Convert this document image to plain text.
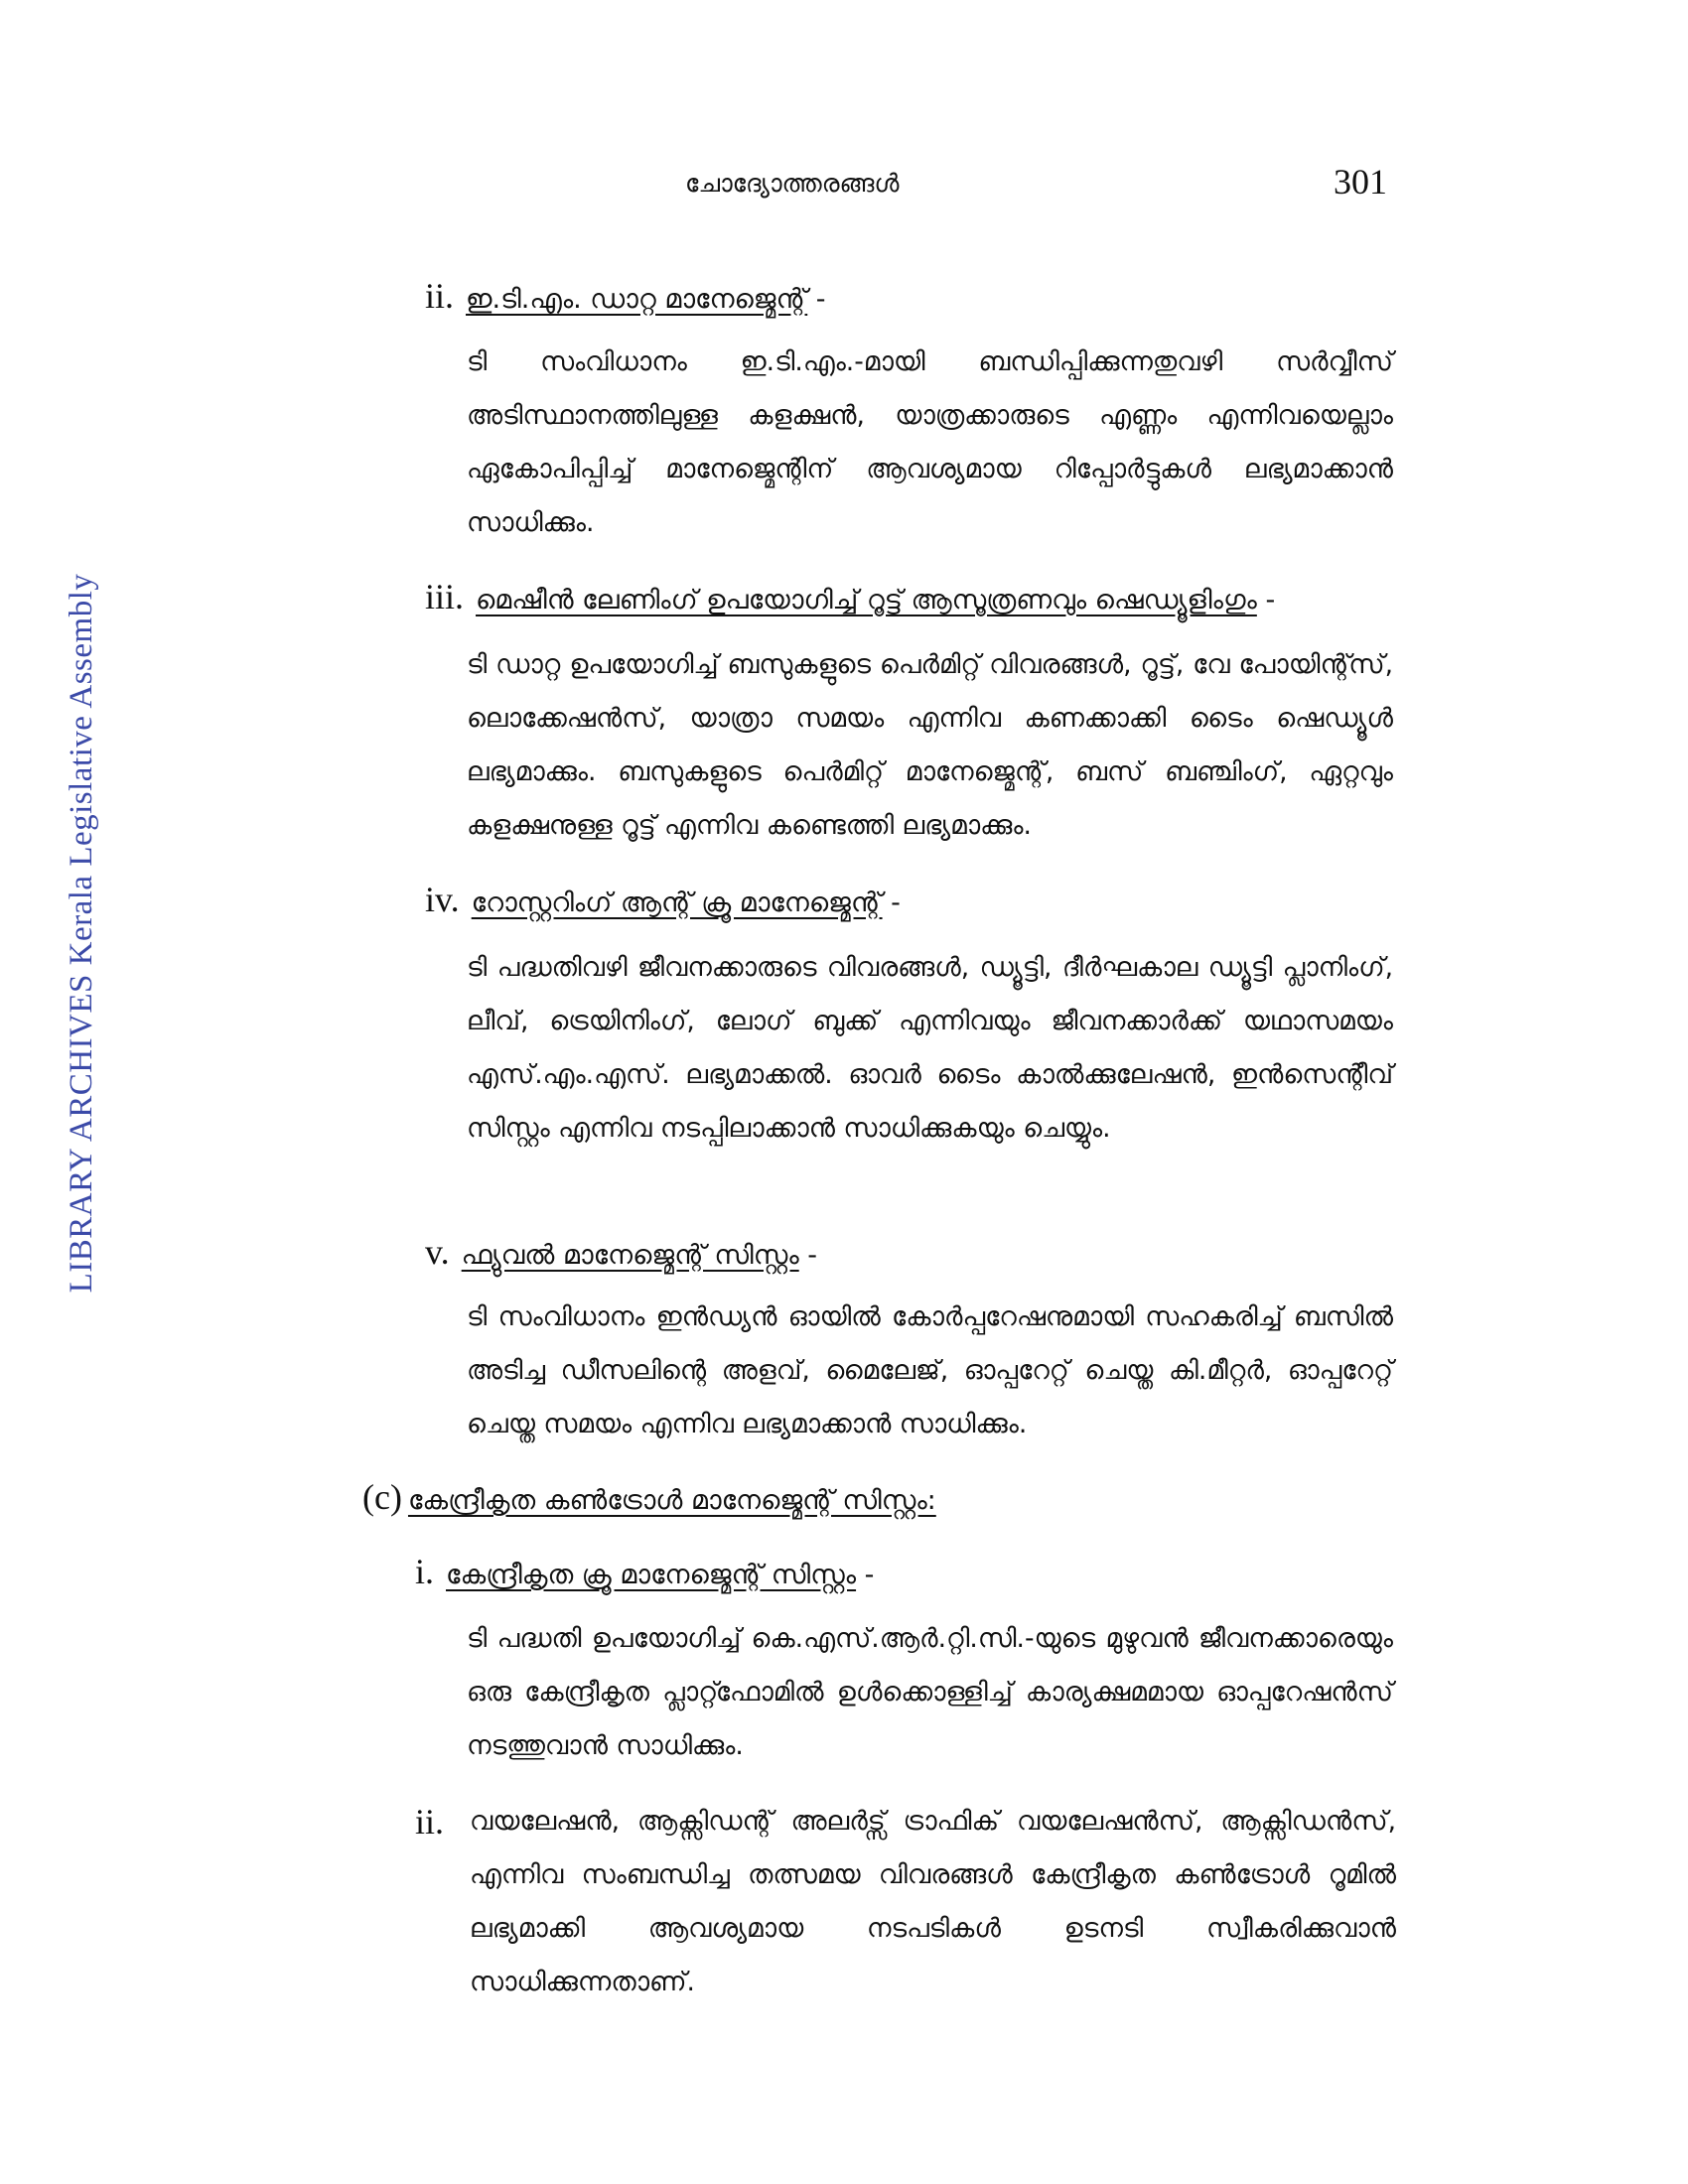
LIBRARY ARCHIVES Kerala Legislative Assembly
ചോദ്യോത്തരങ്ങൾ	301
ii. ഇ.ടി.എം. ഡാറ്റ മാനേജ്മെന്റ് -
ടി സംവിധാനം ഇ.ടി.എം.-മായി ബന്ധിപ്പിക്കുന്നതുവഴി സർവ്വീസ് അടിസ്ഥാനത്തിലുള്ള കളക്ഷൻ, യാത്രക്കാരുടെ എണ്ണം എന്നിവയെല്ലാം ഏകോപിപ്പിച്ച് മാനേജ്മെന്റിന് ആവശ്യമായ റിപ്പോർട്ടുകൾ ലഭ്യമാക്കാൻ സാധിക്കും.
iii. മെഷീൻ ലേണിംഗ് ഉപയോഗിച്ച് റൂട്ട് ആസൂത്രണവും ഷെഡ്യൂളിംഗും -
ടി ഡാറ്റ ഉപയോഗിച്ച് ബസുകളുടെ പെർമിറ്റ് വിവരങ്ങൾ, റൂട്ട്, വേ പോയിന്റ്സ്, ലൊക്കേഷൻസ്, യാത്രാ സമയം എന്നിവ കണക്കാക്കി ടൈം ഷെഡ്യൂൾ ലഭ്യമാക്കും. ബസുകളുടെ പെർമിറ്റ് മാനേജ്മെന്റ്, ബസ് ബഞ്ചിംഗ്, ഏറ്റവും കളക്ഷനുള്ള റൂട്ട് എന്നിവ കണ്ടെത്തി ലഭ്യമാക്കും.
iv. റോസ്റ്ററിംഗ് ആന്റ് ക്രൂ മാനേജ്മെന്റ് -
ടി പദ്ധതിവഴി ജീവനക്കാരുടെ വിവരങ്ങൾ, ഡ്യൂട്ടി, ദീർഘകാല ഡ്യൂട്ടി പ്ലാനിംഗ്, ലീവ്, ട്രെയിനിംഗ്, ലോഗ് ബുക്ക് എന്നിവയും ജീവനക്കാർക്ക് യഥാസമയം എസ്.എം.എസ്. ലഭ്യമാക്കൽ. ഓവർ ടൈം കാൽക്കുലേഷൻ, ഇൻസെന്റീവ് സിസ്റ്റം എന്നിവ നടപ്പിലാക്കാൻ സാധിക്കുകയും ചെയ്യും.
v. ഫ്യുവൽ മാനേജ്മെന്റ് സിസ്റ്റം -
ടി സംവിധാനം ഇൻഡ്യൻ ഓയിൽ കോർപ്പറേഷനുമായി സഹകരിച്ച് ബസിൽ അടിച്ച ഡീസലിന്റെ അളവ്, മൈലേജ്, ഓപ്പറേറ്റ് ചെയ്ത കി.മീറ്റർ, ഓപ്പറേറ്റ് ചെയ്ത സമയം എന്നിവ ലഭ്യമാക്കാൻ സാധിക്കും.
(c) കേന്ദ്രീകൃത കൺട്രോൾ മാനേജ്മെന്റ് സിസ്റ്റം:
i. കേന്ദ്രീകൃത ക്രൂ മാനേജ്മെന്റ് സിസ്റ്റം -
ടി പദ്ധതി ഉപയോഗിച്ച് കെ.എസ്.ആർ.റ്റി.സി.-യുടെ മുഴുവൻ ജീവനക്കാരെയും ഒരു കേന്ദ്രീകൃത പ്ലാറ്റ്ഫോമിൽ ഉൾക്കൊള്ളിച്ച് കാര്യക്ഷമമായ ഓപ്പറേഷൻസ് നടത്തുവാൻ സാധിക്കും.
ii. വയലേഷൻ, ആക്സിഡന്റ് അലർട്സ് ട്രാഫിക് വയലേഷൻസ്, ആക്സിഡൻസ്, എന്നിവ സംബന്ധിച്ച തത്സമയ വിവരങ്ങൾ കേന്ദ്രീകൃത കൺട്രോൾ റൂമിൽ ലഭ്യമാക്കി ആവശ്യമായ നടപടികൾ ഉടനടി സ്വീകരിക്കുവാൻ സാധിക്കുന്നതാണ്.
